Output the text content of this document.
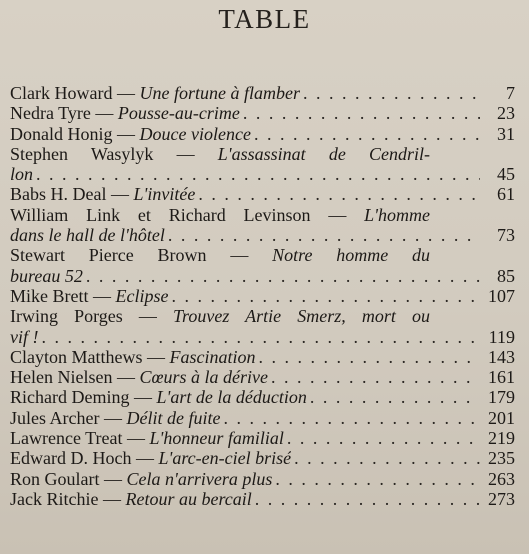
TABLE
Clark Howard — Une fortune à flamber . . .	7
Nedra Tyre — Pousse-au-crime . . .	23
Donald Honig — Douce violence . . .	31
Stephen Wasylyk — L'assassinat de Cendril-
lon . . .	45
Babs H. Deal — L'invitée . . .	61
William Link et Richard Levinson — L'homme
dans le hall de l'hôtel . . .	73
Stewart Pierce Brown — Notre homme du
bureau 52 . . .	85
Mike Brett — Eclipse . . .	107
Irwing Porges — Trouvez Artie Smerz, mort ou
vif ! . . .	119
Clayton Matthews — Fascination . . .	143
Helen Nielsen — Cœurs à la dérive . . .	161
Richard Deming — L'art de la déduction . . .	179
Jules Archer — Délit de fuite . . .	201
Lawrence Treat — L'honneur familial . . .	219
Edward D. Hoch — L'arc-en-ciel brisé . . .	235
Ron Goulart — Cela n'arrivera plus . . .	263
Jack Ritchie — Retour au bercail . . .	273
